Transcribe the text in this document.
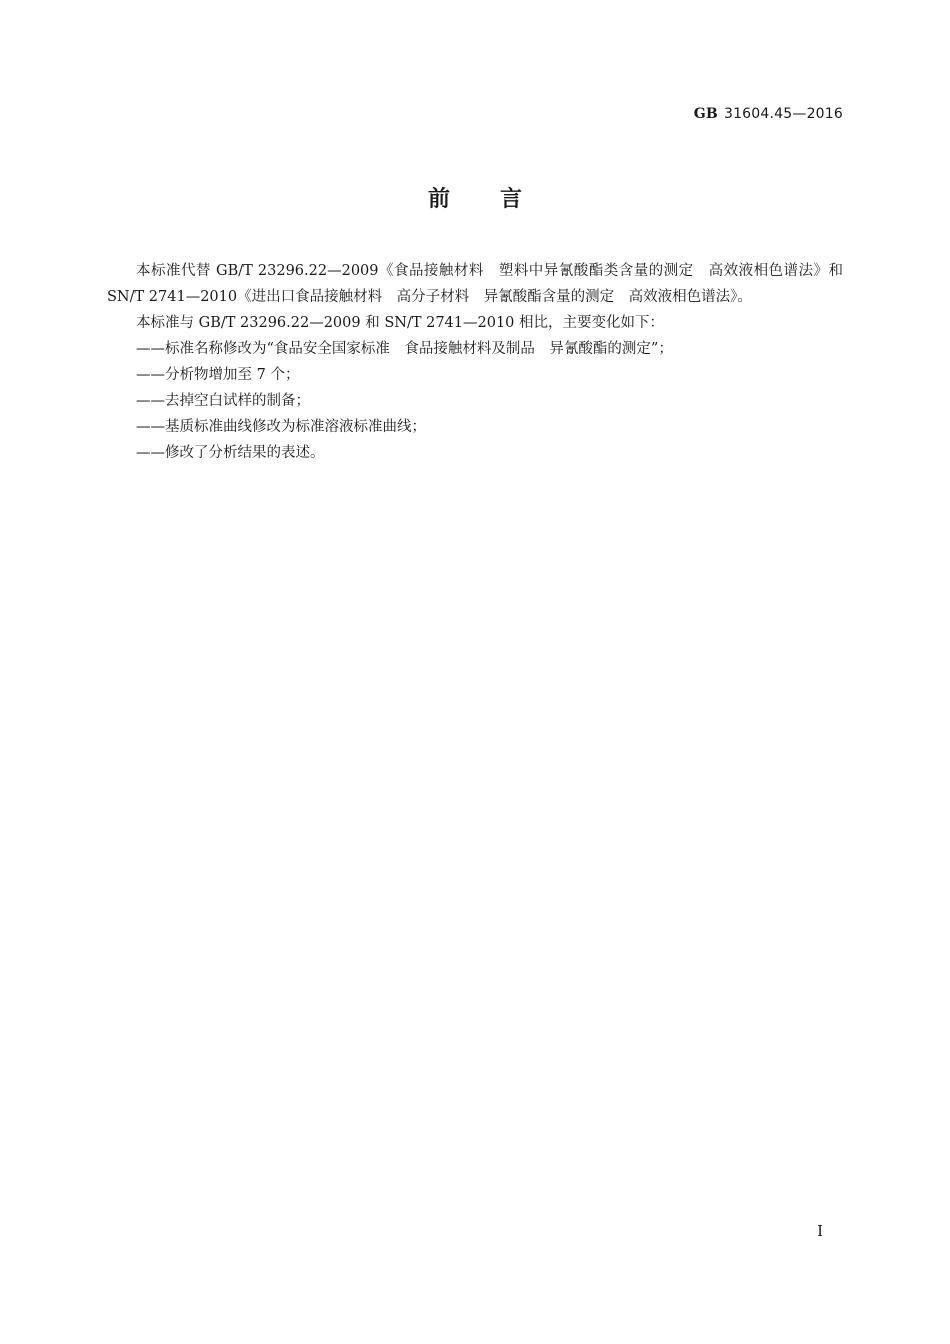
GB 31604.45—2016
前 言

本标准代替 GB/T 23296.22—2009《食品接触材料　塑料中异氰酸酯类含量的测定　高效液相色谱法》和 SN/T 2741—2010《进出口食品接触材料　高分子材料　异氰酸酯含量的测定　高效液相色谱法》。

本标准与 GB/T 23296.22—2009 和 SN/T 2741—2010 相比，主要变化如下：

——标准名称修改为“食品安全国家标准　食品接触材料及制品　异氰酸酯的测定”；

——分析物增加至 7 个；

——去掉空白试样的制备；

——基质标准曲线修改为标准溶液标准曲线；

——修改了分析结果的表述。

I
